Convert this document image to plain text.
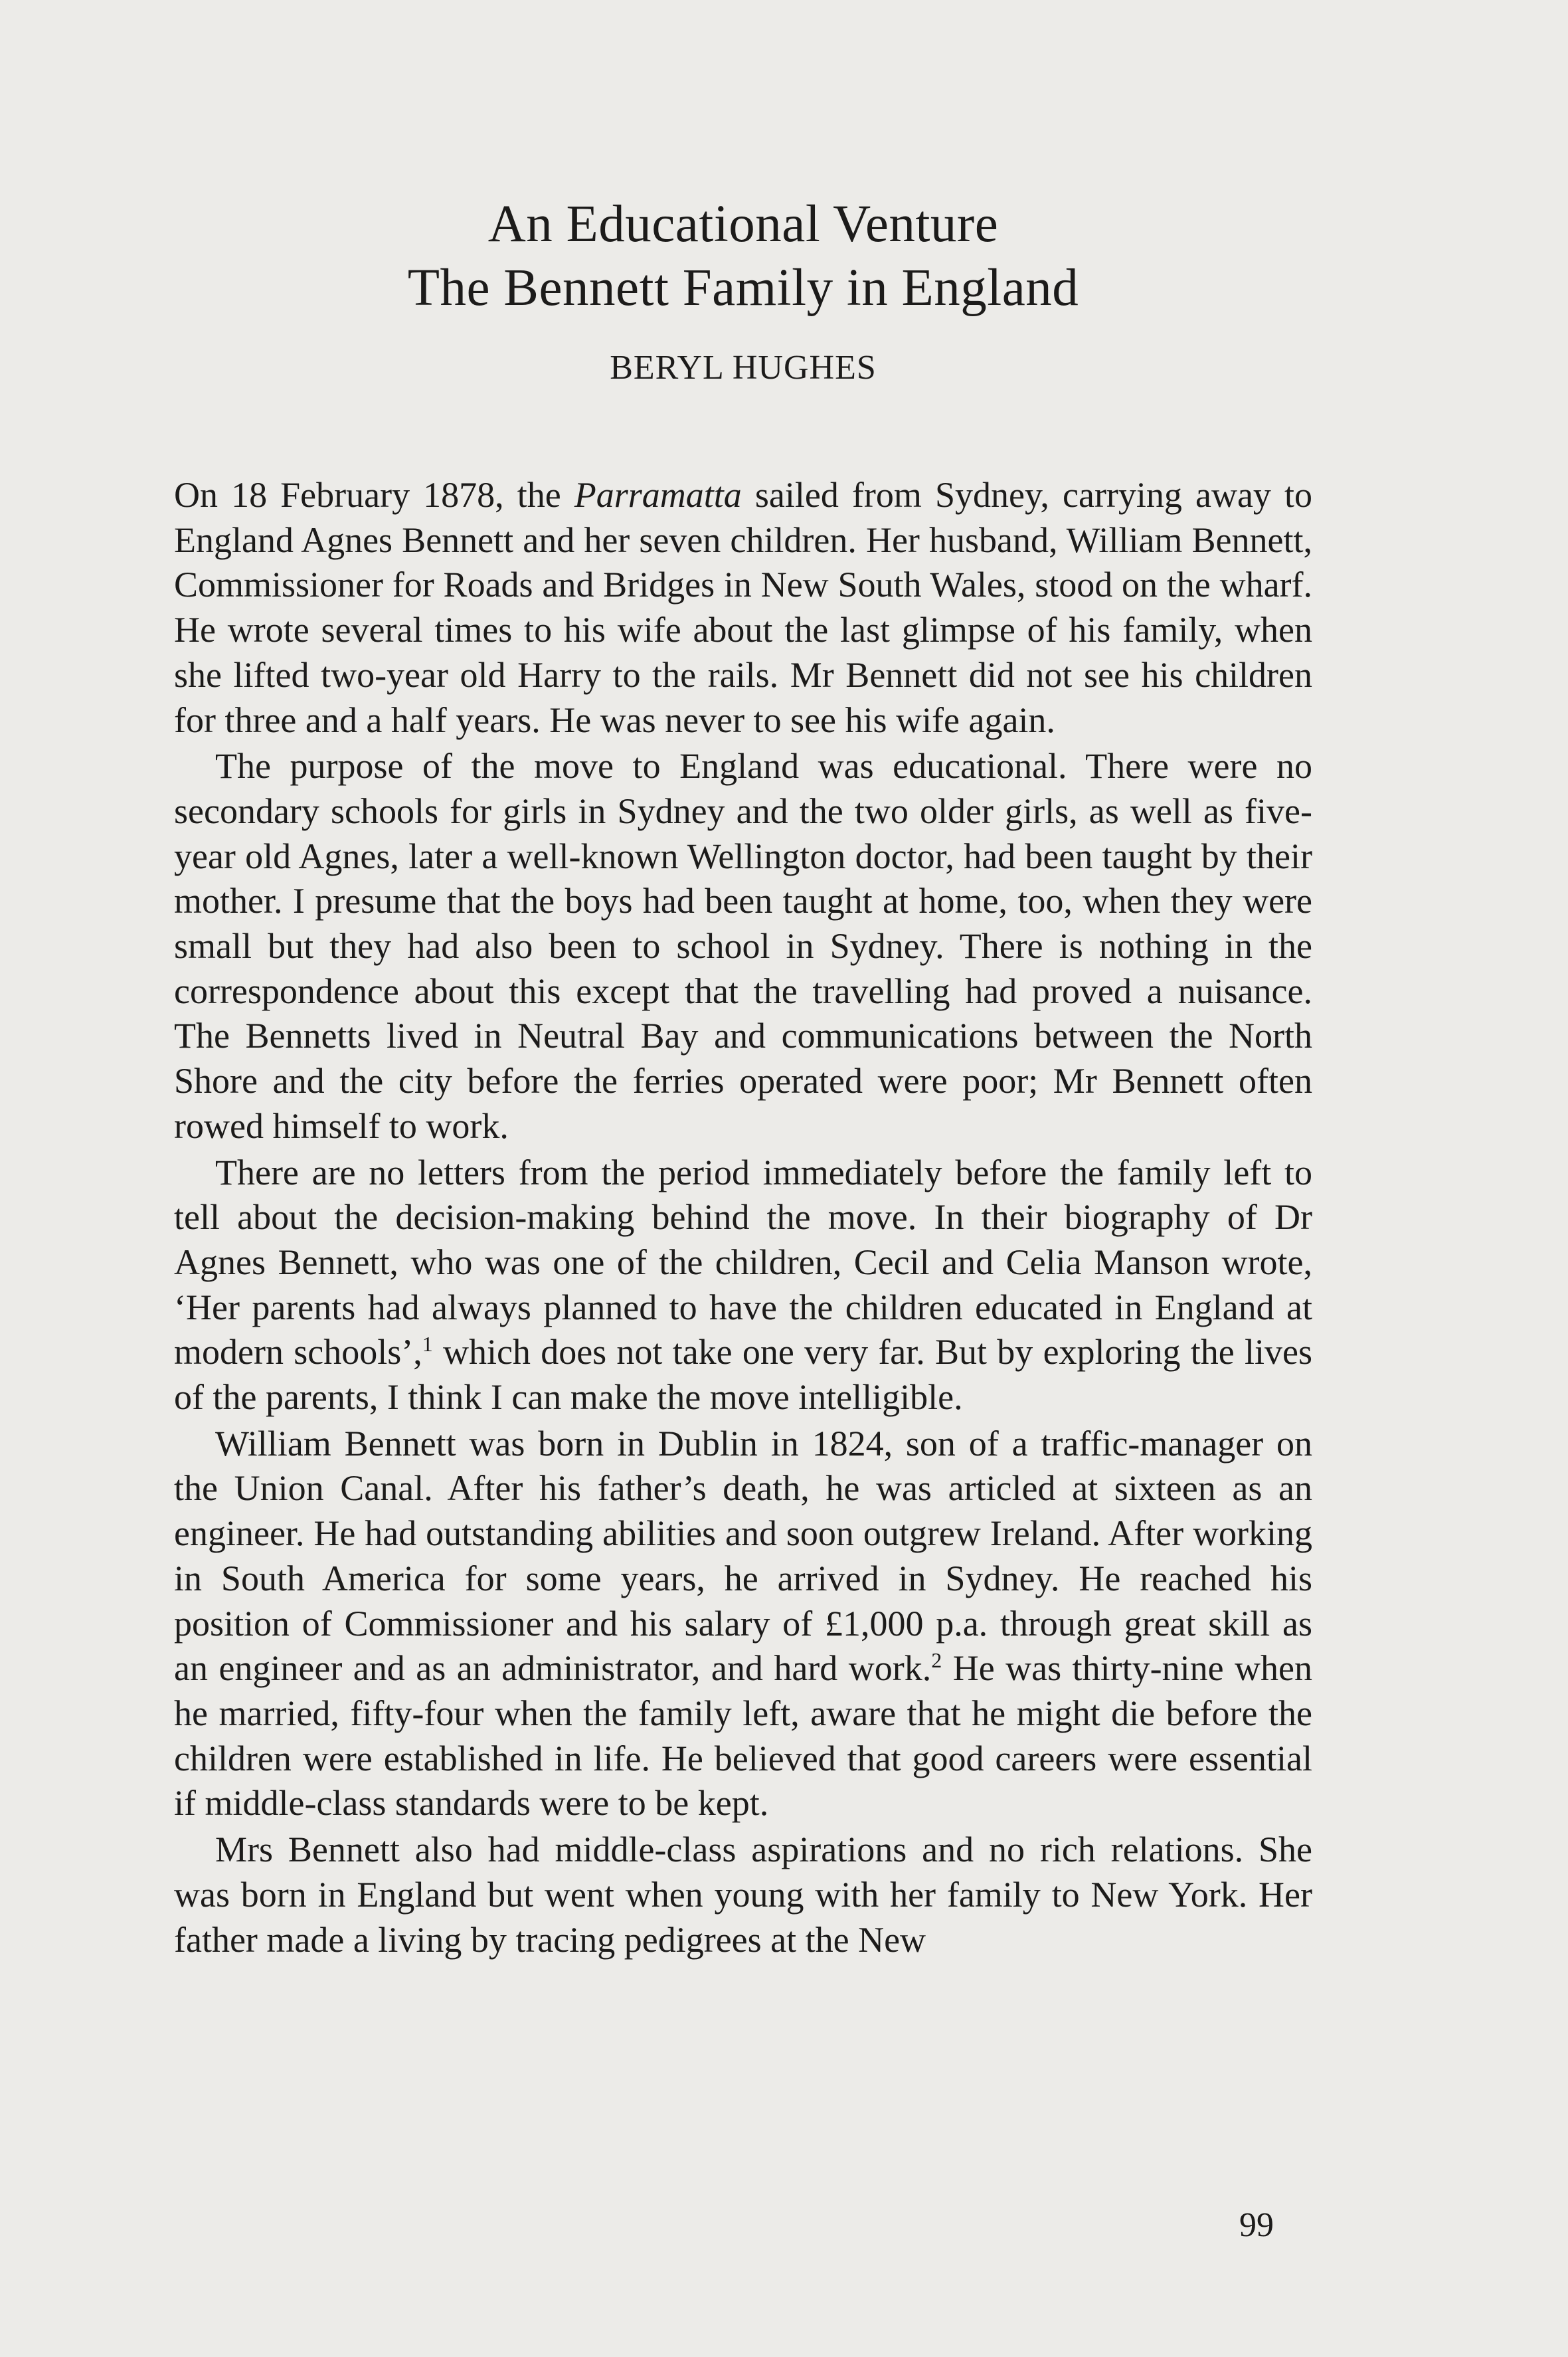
An Educational Venture
The Bennett Family in England
BERYL HUGHES

On 18 February 1878, the Parramatta sailed from Sydney, carrying away to England Agnes Bennett and her seven children. Her husband, William Bennett, Commissioner for Roads and Bridges in New South Wales, stood on the wharf. He wrote several times to his wife about the last glimpse of his family, when she lifted two-year old Harry to the rails. Mr Bennett did not see his children for three and a half years. He was never to see his wife again.

The purpose of the move to England was educational. There were no secondary schools for girls in Sydney and the two older girls, as well as five-year old Agnes, later a well-known Wellington doctor, had been taught by their mother. I presume that the boys had been taught at home, too, when they were small but they had also been to school in Sydney. There is nothing in the correspondence about this except that the travelling had proved a nuisance. The Bennetts lived in Neutral Bay and communications between the North Shore and the city before the ferries operated were poor; Mr Bennett often rowed himself to work.

There are no letters from the period immediately before the family left to tell about the decision-making behind the move. In their biography of Dr Agnes Bennett, who was one of the children, Cecil and Celia Manson wrote, ‘Her parents had always planned to have the children educated in England at modern schools’,$^1$ which does not take one very far. But by exploring the lives of the parents, I think I can make the move intelligible.

William Bennett was born in Dublin in 1824, son of a traffic-manager on the Union Canal. After his father’s death, he was articled at sixteen as an engineer. He had outstanding abilities and soon outgrew Ireland. After working in South America for some years, he arrived in Sydney. He reached his position of Commissioner and his salary of £1,000 p.a. through great skill as an engineer and as an administrator, and hard work.$^2$ He was thirty-nine when he married, fifty-four when the family left, aware that he might die before the children were established in life. He believed that good careers were essential if middle-class standards were to be kept.

Mrs Bennett also had middle-class aspirations and no rich relations. She was born in England but went when young with her family to New York. Her father made a living by tracing pedigrees at the New

99
